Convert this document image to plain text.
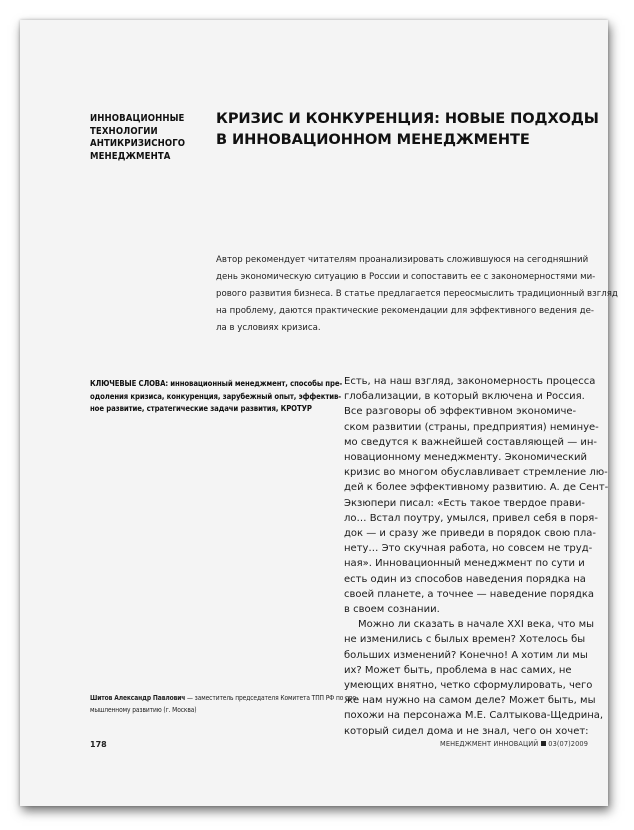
ИННОВАЦИОННЫЕ
ТЕХНОЛОГИИ
АНТИКРИЗИСНОГО
МЕНЕДЖМЕНТА
КРИЗИС И КОНКУРЕНЦИЯ: НОВЫЕ ПОДХОДЫ
В ИННОВАЦИОННОМ МЕНЕДЖМЕНТЕ
Автор рекомендует читателям проанализировать сложившуюся на сегодняшний
день экономическую ситуацию в России и сопоставить ее с закономерностями ми-
рового развития бизнеса. В статье предлагается переосмыслить традиционный взгляд
на проблему, даются практические рекомендации для эффективного ведения де-
ла в условиях кризиса.
КЛЮЧЕВЫЕ СЛОВА: инновационный менеджмент, способы пре-
одоления кризиса, конкуренция, зарубежный опыт, эффектив-
ное развитие, стратегические задачи развития, КРОТУР
Шитов Александр Павлович — заместитель председателя Комитета ТПП РФ по про-
мышленному развитию (г. Москва)
Есть, на наш взгляд, закономерность процесса
глобализации, в который включена и Россия.
Все разговоры об эффективном экономиче-
ском развитии (страны, предприятия) неминуе-
мо сведутся к важнейшей составляющей — ин-
новационному менеджменту. Экономический
кризис во многом обуславливает стремление лю-
дей к более эффективному развитию. А. де Сент-
Экзюпери писал: «Есть такое твердое прави-
ло… Встал поутру, умылся, привел себя в поря-
док — и сразу же приведи в порядок свою пла-
нету… Это скучная работа, но совсем не труд-
ная». Инновационный менеджмент по сути и
есть один из способов наведения порядка на
своей планете, а точнее — наведение порядка
в своем сознании.
Можно ли сказать в начале XXI века, что мы
не изменились с былых времен? Хотелось бы
больших изменений? Конечно! А хотим ли мы
их? Может быть, проблема в нас самих, не
умеющих внятно, четко сформулировать, чего
же нам нужно на самом деле? Может быть, мы
похожи на персонажа М.Е. Салтыкова-Щедрина,
который сидел дома и не знал, чего он хочет:
178	МЕНЕДЖМЕНТ ИННОВАЦИЙ 03(07)2009
